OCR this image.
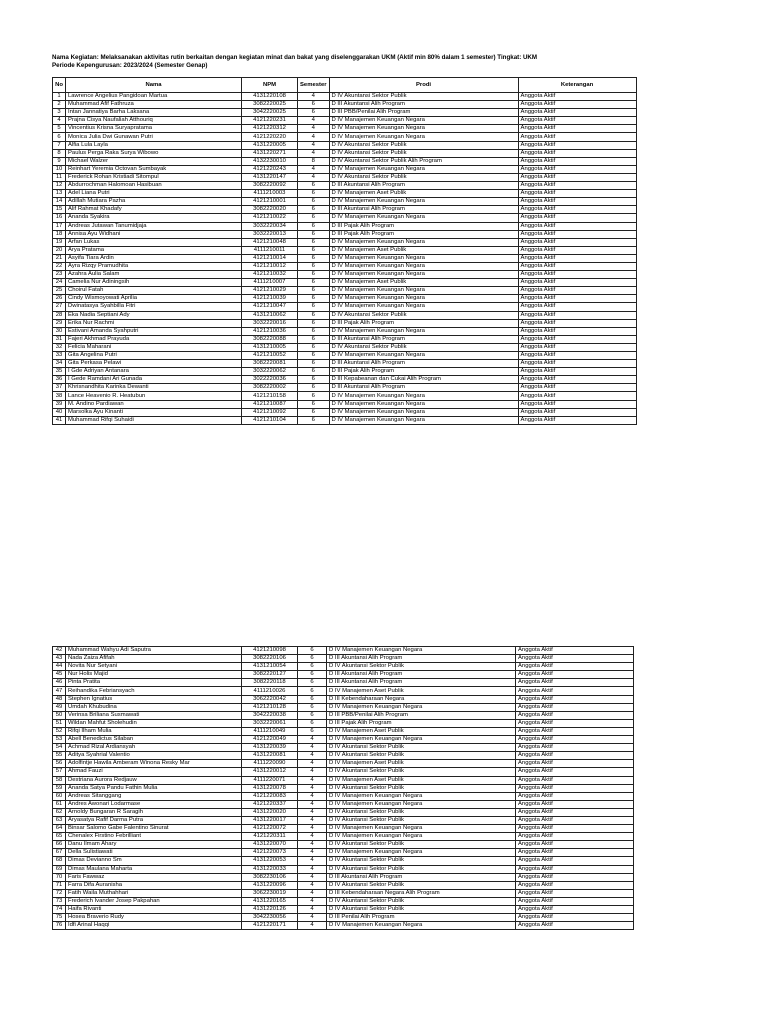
Nama Kegiatan: Melaksanakan aktivitas rutin berkaitan dengan kegiatan minat dan bakat yang diselenggarakan UKM (Aktif min 80% dalam 1 semester) Tingkat: UKM
Periode Kepengurusan: 2023/2024 (Semester Genap)
No	Nama	NPM	Semester	Prodi	Keterangan
1	Lawrence Angelius Pangidoan Martua	4131220108	4	D IV Akuntansi Sektor Publik	Anggota Aktif
2	Muhammad Afif Fathruza	3082220025	6	D III Akuntansi Alih Program	Anggota Aktif
3	Intan Jannatiya Barha Laksana	3042220025	6	D III PBB/Penilai Alih Program	Anggota Aktif
4	Prajna Cisya Naufaliah Atthouriq	4121220231	4	D IV Manajemen Keuangan Negara	Anggota Aktif
5	Vincentius Krisna Suryapratama	4121220312	4	D IV Manajemen Keuangan Negara	Anggota Aktif
6	Monica Julia Dwi Gunawan Putri	4121220220	4	D IV Manajemen Keuangan Negara	Anggota Aktif
7	Alfia Lula Layla	4131220005	4	D IV Akuntansi Sektor Publik	Anggota Aktif
8	Paulus Perga Raka Surya Wibowo	4131220271	4	D IV Akuntansi Sektor Publik	Anggota Aktif
9	Michael Walzer	4132230010	8	D IV Akuntansi Sektor Publik Alih Program	Anggota Aktif
10	Reinhart Yeremia Octovan Sumbayak	4121220243	4	D IV Manajemen Keuangan Negara	Anggota Aktif
11	Frederick Rohan Kristiadi Sitompul	4131220147	4	D IV Akuntansi Sektor Publik	Anggota Aktif
12	Abdurrochman Halomoan Hasibuan	3082220092	6	D III Akuntansi Alih Program	Anggota Aktif
13	Adel Liana Putri	4111210003	6	D IV Manajemen Aset Publik	Anggota Aktif
14	Adillah Mutiara Pazha	4121210001	6	D IV Manajemen Keuangan Negara	Anggota Aktif
15	Alif Rahmat Khadafy	3082220020	6	D III Akuntansi Alih Program	Anggota Aktif
16	Ananda Syakira	4121210022	6	D IV Manajemen Keuangan Negara	Anggota Aktif
17	Andreas Jutawan Tanumidjaja	3032220034	6	D III Pajak Alih Program	Anggota Aktif
18	Annisa Ayu Widhani	3032220013	6	D III Pajak Alih Program	Anggota Aktif
19	Arfan Lukas	4121210048	6	D IV Manajemen Keuangan Negara	Anggota Aktif
20	Arya Pratama	4111210011	6	D IV Manajemen Aset Publik	Anggota Aktif
21	Asyifa Tiara Ardin	4121210014	6	D IV Manajemen Keuangan Negara	Anggota Aktif
22	Ayra Rizqy Pramudhita	4121210012	6	D IV Manajemen Keuangan Negara	Anggota Aktif
23	Azahra Aulia Salam	4121210032	6	D IV Manajemen Keuangan Negara	Anggota Aktif
24	Camelia Nur Adiningsih	4111210007	6	D IV Manajemen Aset Publik	Anggota Aktif
25	Choirul Fatah	4121210029	6	D IV Manajemen Keuangan Negara	Anggota Aktif
26	Cindy Wismoyowati Aprilia	4121210039	6	D IV Manajemen Keuangan Negara	Anggota Aktif
27	Dwinatasya Syahbilla Fitri	4121210047	6	D IV Manajemen Keuangan Negara	Anggota Aktif
28	Eka Nadia Septiani Ady	4131210062	6	D IV Akuntansi Sektor Publik	Anggota Aktif
29	Erika Nur Rachmi	3032220016	6	D III Pajak Alih Program	Anggota Aktif
30	Estivani Amanda Syahputri	4121210036	6	D IV Manajemen Keuangan Negara	Anggota Aktif
31	Fajeri Akhmad Prayuda	3082220088	6	D III Akuntansi Alih Program	Anggota Aktif
32	Felicia Maharani	4131210005	6	D IV Akuntansi Sektor Publik	Anggota Aktif
33	Gita Angelina Putri	4121210052	6	D IV Manajemen Keuangan Negara	Anggota Aktif
34	Gita Perkasa Pelawi	3082220081	6	D III Akuntansi Alih Program	Anggota Aktif
35	I Gde Adriyan Antanara	3032220062	6	D III Pajak Alih Program	Anggota Aktif
36	I Gede Ramdani Ari Gunada	3022220036	6	D III Kepabeanan dan Cukai Alih Program	Anggota Aktif
37	Khrisnandhita Karinka Dewanti	3082220002	6	D III Akuntansi Alih Program	Anggota Aktif
38	Lance Heavenio R. Heatubun	4121210158	6	D IV Manajemen Keuangan Negara	Anggota Aktif
39	M. Andino Pardiawan	4121210087	6	D IV Manajemen Keuangan Negara	Anggota Aktif
40	Marsolka Ayu Kinanti	4121210092	6	D IV Manajemen Keuangan Negara	Anggota Aktif
41	Muhammad Rifqi Suhaidi	4121210104	6	D IV Manajemen Keuangan Negara	Anggota Aktif
42	Muhammad Wahyu Adi Saputra	4121210098	6	D IV Manajemen Keuangan Negara	Anggota Aktif
43	Nada Zaiza Afifah	3082220106	6	D III Akuntansi Alih Program	Anggota Aktif
44	Novita Nur Setyani	4131210054	6	D IV Akuntansi Sektor Publik	Anggota Aktif
45	Nur Holis Majid	3082220127	6	D III Akuntansi Alih Program	Anggota Aktif
46	Pinta Pratita	3082220118	6	D III Akuntansi Alih Program	Anggota Aktif
47	Reihandika Febriansyach	4111210026	6	D IV Manajemen Aset Publik	Anggota Aktif
48	Stephen Ignatius	3062220042	6	D III Kebendaharaan Negara	Anggota Aktif
49	Umdah Khubudina	4121210128	6	D IV Manajemen Keuangan Negara	Anggota Aktif
50	Verinsa Briliana Susmawati	3042220038	6	D III PBB/Penilai Alih Program	Anggota Aktif
51	Wildan Mahfut Sholehudin	3032220061	6	D III Pajak Alih Program	Anggota Aktif
52	Rifqi Ilham Mulia	4111210049	6	D IV Manajemen Aset Publik	Anggota Aktif
53	Abell Benedictus Silaban	4121220049	4	D IV Manajemen Keuangan Negara	Anggota Aktif
54	Achmad Rizal Ardiansyah	4131220039	4	D IV Akuntansi Sektor Publik	Anggota Aktif
55	Aditya Syahrial Valentio	4131220081	4	D IV Akuntansi Sektor Publik	Anggota Aktif
56	Adolfintje Hawila Amberam Winona Resky Mar	4111220090	4	D IV Manajemen Aset Publik	Anggota Aktif
57	Ahmad Fauzi	4131220012	4	D IV Akuntansi Sektor Publik	Anggota Aktif
58	Destriana Aurora Redjauw	4111220071	4	D IV Manajemen Aset Publik	Anggota Aktif
59	Ananda Satya Pandu Fathin Mulia	4131220078	4	D IV Akuntansi Sektor Publik	Anggota Aktif
60	Andreas Sitanggang	4121220083	4	D IV Manajemen Keuangan Negara	Anggota Aktif
61	Andres Awonari Lodarmase	4121220337	4	D IV Manajemen Keuangan Negara	Anggota Aktif
62	Arnoldy Bungaran R Saragih	4131220020	4	D IV Akuntansi Sektor Publik	Anggota Aktif
63	Aryasatya Rafif Darma Putra	4131220017	4	D IV Akuntansi Sektor Publik	Anggota Aktif
64	Binsar Salomo Gabe Falentino Sinurat	4121220072	4	D IV Manajemen Keuangan Negara	Anggota Aktif
65	Chenalex Firstino Febrilliant	4121220311	4	D IV Manajemen Keuangan Negara	Anggota Aktif
66	Danu Ilmam Ahary	4131220070	4	D IV Akuntansi Sektor Publik	Anggota Aktif
67	Della Sulistiawati	4121220073	4	D IV Manajemen Keuangan Negara	Anggota Aktif
68	Dimas Devianno Sm	4131220053	4	D IV Akuntansi Sektor Publik	Anggota Aktif
69	Dimas Maulana Maharta	4131220033	4	D IV Akuntansi Sektor Publik	Anggota Aktif
70	Faris Fawwaz	3082230106	4	D III Akuntansi Alih Program	Anggota Aktif
71	Farra Difa Auranisha	4131220096	4	D IV Akuntansi Sektor Publik	Anggota Aktif
72	Fatih Waila Muthahhari	3062230019	4	D III Kebendaharaan Negara Alih Program	Anggota Aktif
73	Frederich Ivander Josep Pakpahan	4131220165	4	D IV Akuntansi Sektor Publik	Anggota Aktif
74	Haifa Rivanti	4131220126	4	D IV Akuntansi Sektor Publik	Anggota Aktif
75	Hosea Braverio Rudy	3042230056	4	D III Penilai Alih Program	Anggota Aktif
76	Idfi Arinal Haqqi	4121220171	4	D IV Manajemen Keuangan Negara	Anggota Aktif
